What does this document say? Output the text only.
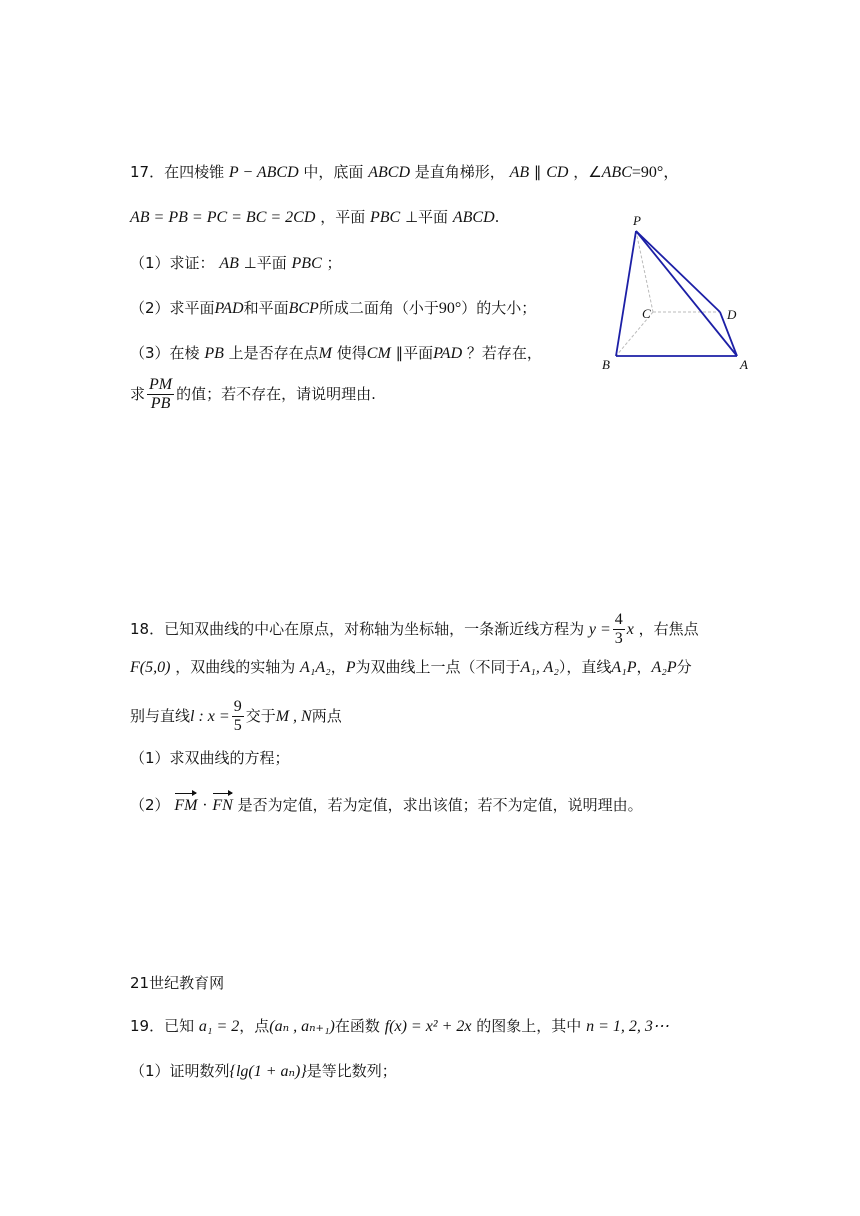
17．在四棱锥 P − ABCD 中，底面 ABCD 是直角梯形， AB ∥ CD ，∠ABC=90°，
AB = PB = PC = BC = 2CD ，平面 PBC ⊥平面 ABCD.
（1）求证： AB ⊥平面 PBC ；
（2）求平面PAD和平面BCP所成二面角（小于90°）的大小；
（3）在棱 PB 上是否存在点M 使得CM ∥平面PAD ？若存在，
求 $\frac{PM}{PB}$ 的值；若不存在，请说明理由.
P
C	D
B	A
18．已知双曲线的中心在原点，对称轴为坐标轴，一条渐近线方程为 $y = \frac{4}{3}$ x ，右焦点
F(5,0) ，双曲线的实轴为 A₁A₂，P为双曲线上一点（不同于A₁, A₂），直线A₁P，A₂P分
别与直线l : $x = \frac{9}{5}$ 交于M , N两点
（1）求双曲线的方程；
（2） FM · FN 是否为定值，若为定值，求出该值；若不为定值，说明理由。
21世纪教育网
19．已知 a₁ = 2，点(aₙ , aₙ₊₁)在函数 f(x) = x² + 2x 的图象上，其中 n = 1, 2, 3⋯
（1）证明数列{lg(1 + aₙ)}是等比数列；
